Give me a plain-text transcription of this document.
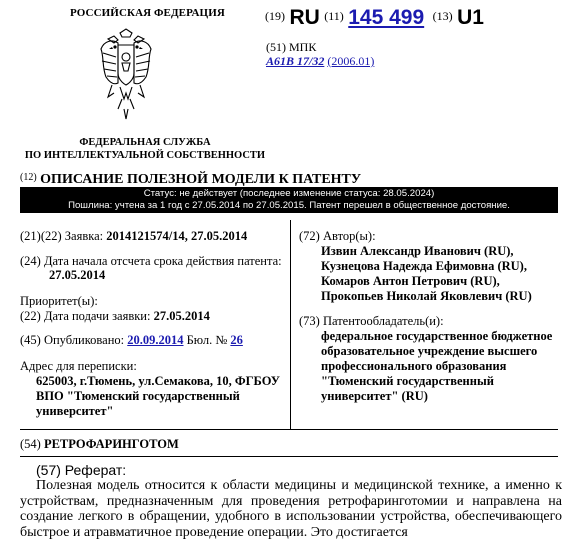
РОССИЙСКАЯ ФЕДЕРАЦИЯ
ФЕДЕРАЛЬНАЯ СЛУЖБА
ПО ИНТЕЛЛЕКТУАЛЬНОЙ СОБСТВЕННОСТИ
$^{(19)}$ RU $^{(11)}$ 145 499 $^{(13)}$ U1
(51) МПК
A61B 17/32 (2006.01)
$^{(12)}$ ОПИСАНИЕ ПОЛЕЗНОЙ МОДЕЛИ К ПАТЕНТУ
Статус: не действует (последнее изменение статуса: 28.05.2024)
Пошлина: учтена за 1 год с 27.05.2014 по 27.05.2015. Патент перешел в общественное достояние.
(21)(22) Заявка: 2014121574/14, 27.05.2014
(24) Дата начала отсчета срока действия патента:
27.05.2014
Приоритет(ы):
(22) Дата подачи заявки: 27.05.2014
(45) Опубликовано: 20.09.2014 Бюл. № 26
Адрес для переписки:
625003, г.Тюмень, ул.Семакова, 10, ФГБОУ
ВПО "Тюменский государственный
университет"
(72) Автор(ы):
Извин Александр Иванович (RU),
Кузнецова Надежда Ефимовна (RU),
Комаров Антон Петрович (RU),
Прокопьев Николай Яковлевич (RU)
(73) Патентообладатель(и):
федеральное государственное бюджетное
образовательное учреждение высшего
профессионального образования
"Тюменский государственный
университет" (RU)
(54) РЕТРОФАРИНГОТОМ
(57) Реферат:
Полезная модель относится к области медицины и медицинской технике, а именно к устройствам, предназначенным для проведения ретрофаринготомии и направлена на создание легкого в обращении, удобного в использовании устройства, обеспечивающего быстрое и атравматичное проведение операции. Это достигается
